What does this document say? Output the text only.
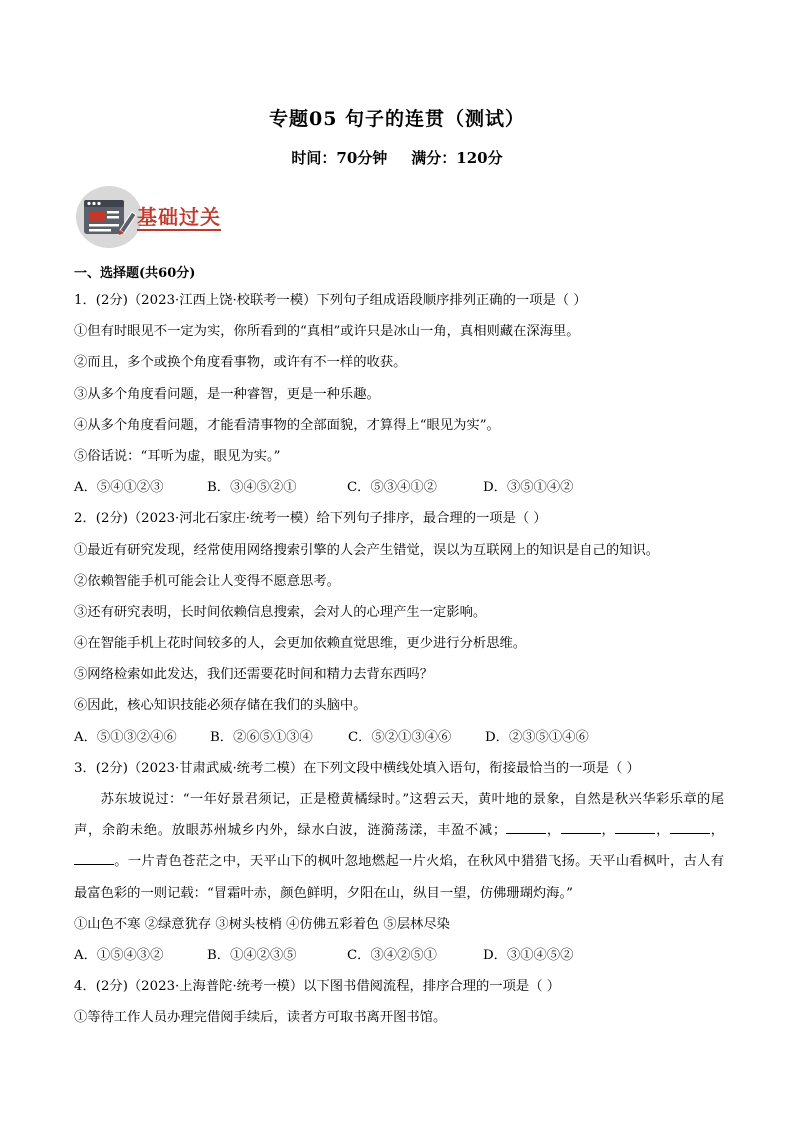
专题05 句子的连贯（测试）
时间：70分钟 满分：120分
基础过关
一、选择题(共60分)
1．(2分)（2023·江西上饶·校联考一模）下列句子组成语段顺序排列正确的一项是（ ）
①但有时眼见不一定为实，你所看到的“真相”或许只是冰山一角，真相则藏在深海里。
②而且，多个或换个角度看事物，或许有不一样的收获。
③从多个角度看问题，是一种睿智，更是一种乐趣。
④从多个角度看问题，才能看清事物的全部面貌，才算得上“眼见为实”。
⑤俗话说：“耳听为虚，眼见为实。”
A．⑤④①②③	B．③④⑤②①	C．⑤③④①②	D．③⑤①④②
2．(2分)（2023·河北石家庄·统考一模）给下列句子排序，最合理的一项是（ ）
①最近有研究发现，经常使用网络搜索引擎的人会产生错觉，误以为互联网上的知识是自己的知识。
②依赖智能手机可能会让人变得不愿意思考。
③还有研究表明，长时间依赖信息搜索，会对人的心理产生一定影响。
④在智能手机上花时间较多的人，会更加依赖直觉思维，更少进行分析思维。
⑤网络检索如此发达，我们还需要花时间和精力去背东西吗？
⑥因此，核心知识技能必须存储在我们的头脑中。
A．⑤①③②④⑥	B．②⑥⑤①③④	C．⑤②①③④⑥	D．②③⑤①④⑥
3．(2分)（2023·甘肃武威·统考二模）在下列文段中横线处填入语句，衔接最恰当的一项是（ ）

苏东坡说过：“一年好景君须记，正是橙黄橘绿时。”这碧云天，黄叶地的景象，自然是秋兴华彩乐章的尾声，余韵未绝。放眼苏州城乡内外，绿水白波，涟漪荡漾，丰盈不减；	，	，	，	，。一片青色苍茫之中，天平山下的枫叶忽地燃起一片火焰，在秋风中猎猎飞扬。天平山看枫叶，古人有最富色彩的一则记载：“冒霜叶赤，颜色鲜明，夕阳在山，纵目一望，仿佛珊瑚灼海。”

①山色不寒 ②绿意犹存 ③树头枝梢 ④仿佛五彩着色 ⑤层林尽染
A．①⑤④③②	B．①④②③⑤	C．③④②⑤①	D．③①④⑤②
4．(2分)（2023·上海普陀·统考一模）以下图书借阅流程，排序合理的一项是（ ）
①等待工作人员办理完借阅手续后，读者方可取书离开图书馆。
